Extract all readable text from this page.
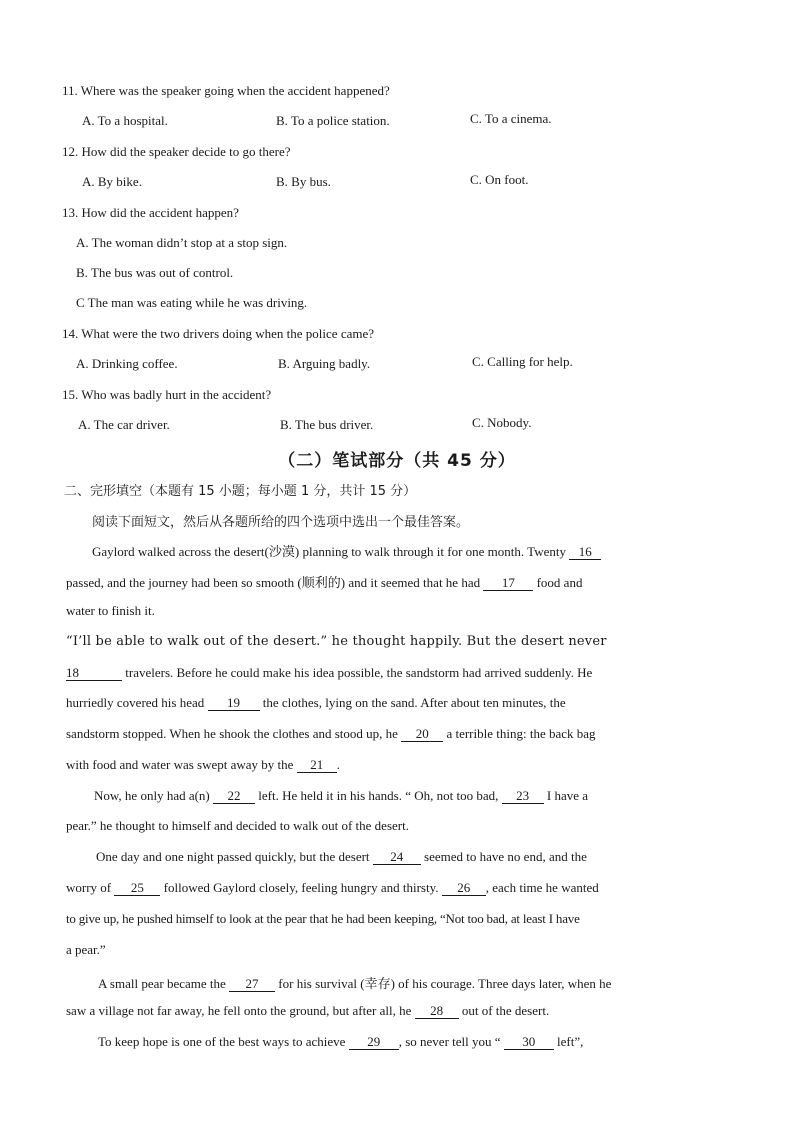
11. Where was the speaker going when the accident happened?
A. To a hospital.	B. To a police station.	C. To a cinema.
12. How did the speaker decide to go there?
A. By bike.	B. By bus.	C. On foot.
13. How did the accident happen?
A. The woman didn’t stop at a stop sign.
B. The bus was out of control.
C The man was eating while he was driving.
14. What were the two drivers doing when the police came?
A. Drinking coffee.	B. Arguing badly.	C. Calling for help.
15. Who was badly hurt in the accident?
A. The car driver.	B. The bus driver.	C. Nobody.
（二）笔试部分（共 45 分）
二、完形填空（本题有 15 小题；每小题 1 分，共计 15 分）
阅读下面短文，然后从各题所给的四个选项中选出一个最佳答案。
Gaylord walked across the desert(沙漠) planning to walk through it for one month. Twenty 16
passed, and the journey had been so smooth (顺利的) and it seemed that he had 17 food and
water to finish it.
“I’ll be able to walk out of the desert.” he thought happily. But the desert never
18	travelers. Before he could make his idea possible, the sandstorm had arrived suddenly. He
hurriedly covered his head 19 the clothes, lying on the sand. After about ten minutes, the
sandstorm stopped. When he shook the clothes and stood up, he 20 a terrible thing: the back bag
with food and water was swept away by the 21 .
Now, he only had a(n) 22 left. He held it in his hands. “ Oh, not too bad, 23 I have a
pear.” he thought to himself and decided to walk out of the desert.
One day and one night passed quickly, but the desert 24 seemed to have no end, and the
worry of 25 followed Gaylord closely, feeling hungry and thirsty. 26 , each time he wanted
to give up, he pushed himself to look at the pear that he had been keeping, “Not too bad, at least I have
a pear.”
A small pear became the 27 for his survival (幸存) of his courage. Three days later, when he
saw a village not far away, he fell onto the ground, but after all, he 28 out of the desert.
To keep hope is one of the best ways to achieve 29 , so never tell you “ 30 left”,
